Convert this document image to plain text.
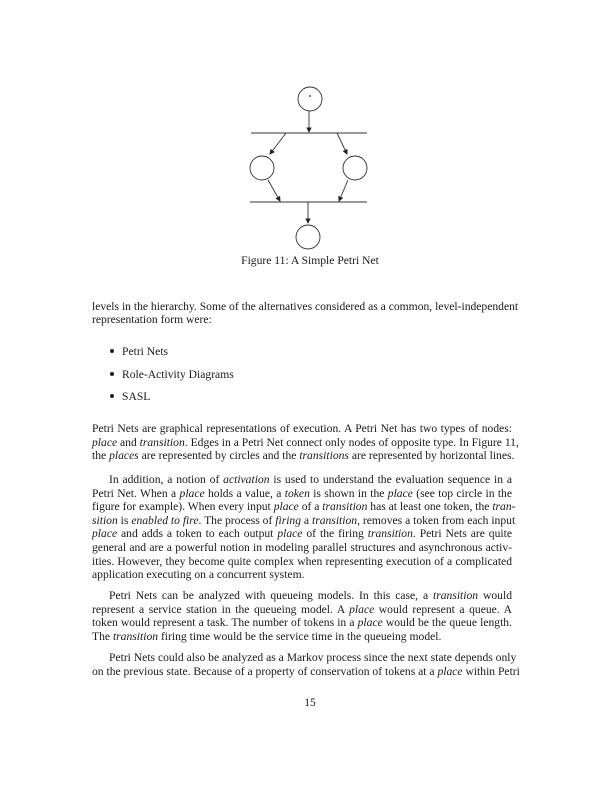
Figure 11: A Simple Petri Net
levels in the hierarchy. Some of the alternatives considered as a common, level-independent
representation form were:
Petri Nets
Role-Activity Diagrams
SASL
Petri Nets are graphical representations of execution. A Petri Net has two types of nodes:
place and transition. Edges in a Petri Net connect only nodes of opposite type. In Figure 11,
the places are represented by circles and the transitions are represented by horizontal lines.
In addition, a notion of activation is used to understand the evaluation sequence in a
Petri Net. When a place holds a value, a token is shown in the place (see top circle in the
figure for example). When every input place of a transition has at least one token, the tran-
sition is enabled to fire. The process of firing a transition, removes a token from each input
place and adds a token to each output place of the firing transition. Petri Nets are quite
general and are a powerful notion in modeling parallel structures and asynchronous activ-
ities. However, they become quite complex when representing execution of a complicated
application executing on a concurrent system.
Petri Nets can be analyzed with queueing models. In this case, a transition would
represent a service station in the queueing model. A place would represent a queue. A
token would represent a task. The number of tokens in a place would be the queue length.
The transition firing time would be the service time in the queueing model.
Petri Nets could also be analyzed as a Markov process since the next state depends only
on the previous state. Because of a property of conservation of tokens at a place within Petri
15
